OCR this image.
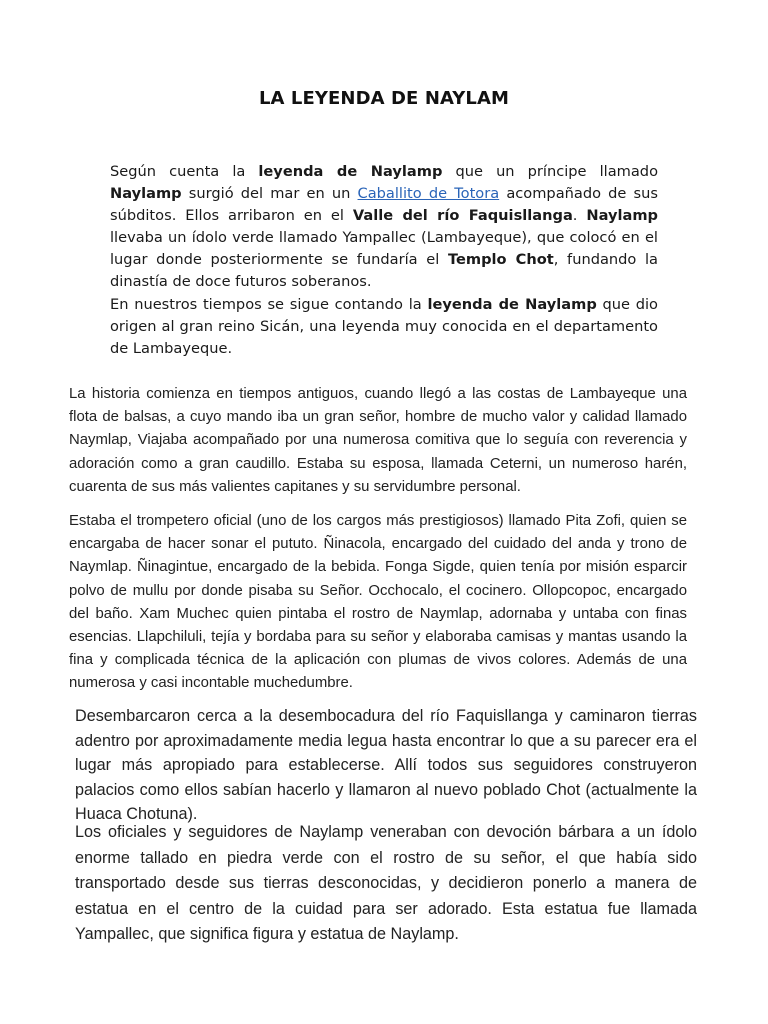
LA LEYENDA DE NAYLAM

Según cuenta la leyenda de Naylamp que un príncipe llamado Naylamp surgió del mar en un Caballito de Totora acompañado de sus súbditos. Ellos arribaron en el Valle del río Faquisllanga. Naylamp llevaba un ídolo verde llamado Yampallec (Lambayeque), que colocó en el lugar donde posteriormente se fundaría el Templo Chot, fundando la dinastía de doce futuros soberanos.

En nuestros tiempos se sigue contando la leyenda de Naylamp que dio origen al gran reino Sicán, una leyenda muy conocida en el departamento de Lambayeque.

La historia comienza en tiempos antiguos, cuando llegó a las costas de Lambayeque una flota de balsas, a cuyo mando iba un gran señor, hombre de mucho valor y calidad llamado Naymlap, Viajaba acompañado por una numerosa comitiva que lo seguía con reverencia y adoración como a gran caudillo. Estaba su esposa, llamada Ceterni, un numeroso harén, cuarenta de sus más valientes capitanes y su servidumbre personal.

Estaba el trompetero oficial (uno de los cargos más prestigiosos) llamado Pita Zofi, quien se encargaba de hacer sonar el pututo. Ñinacola, encargado del cuidado del anda y trono de Naymlap. Ñinagintue, encargado de la bebida. Fonga Sigde, quien tenía por misión esparcir polvo de mullu por donde pisaba su Señor. Occhocalo, el cocinero. Ollopcopoc, encargado del baño. Xam Muchec quien pintaba el rostro de Naymlap, adornaba y untaba con finas esencias. Llapchiluli, tejía y bordaba para su señor y elaboraba camisas y mantas usando la fina y complicada técnica de la aplicación con plumas de vivos colores. Además de una numerosa y casi incontable muchedumbre.

Desembarcaron cerca a la desembocadura del río Faquisllanga y caminaron tierras adentro por aproximadamente media legua hasta encontrar lo que a su parecer era el lugar más apropiado para establecerse. Allí todos sus seguidores construyeron palacios como ellos sabían hacerlo y llamaron al nuevo poblado Chot (actualmente la Huaca Chotuna).

Los oficiales y seguidores de Naylamp veneraban con devoción bárbara a un ídolo enorme tallado en piedra verde con el rostro de su señor, el que había sido transportado desde sus tierras desconocidas, y decidieron ponerlo a manera de estatua en el centro de la cuidad para ser adorado. Esta estatua fue llamada Yampallec, que significa figura y estatua de Naylamp.
